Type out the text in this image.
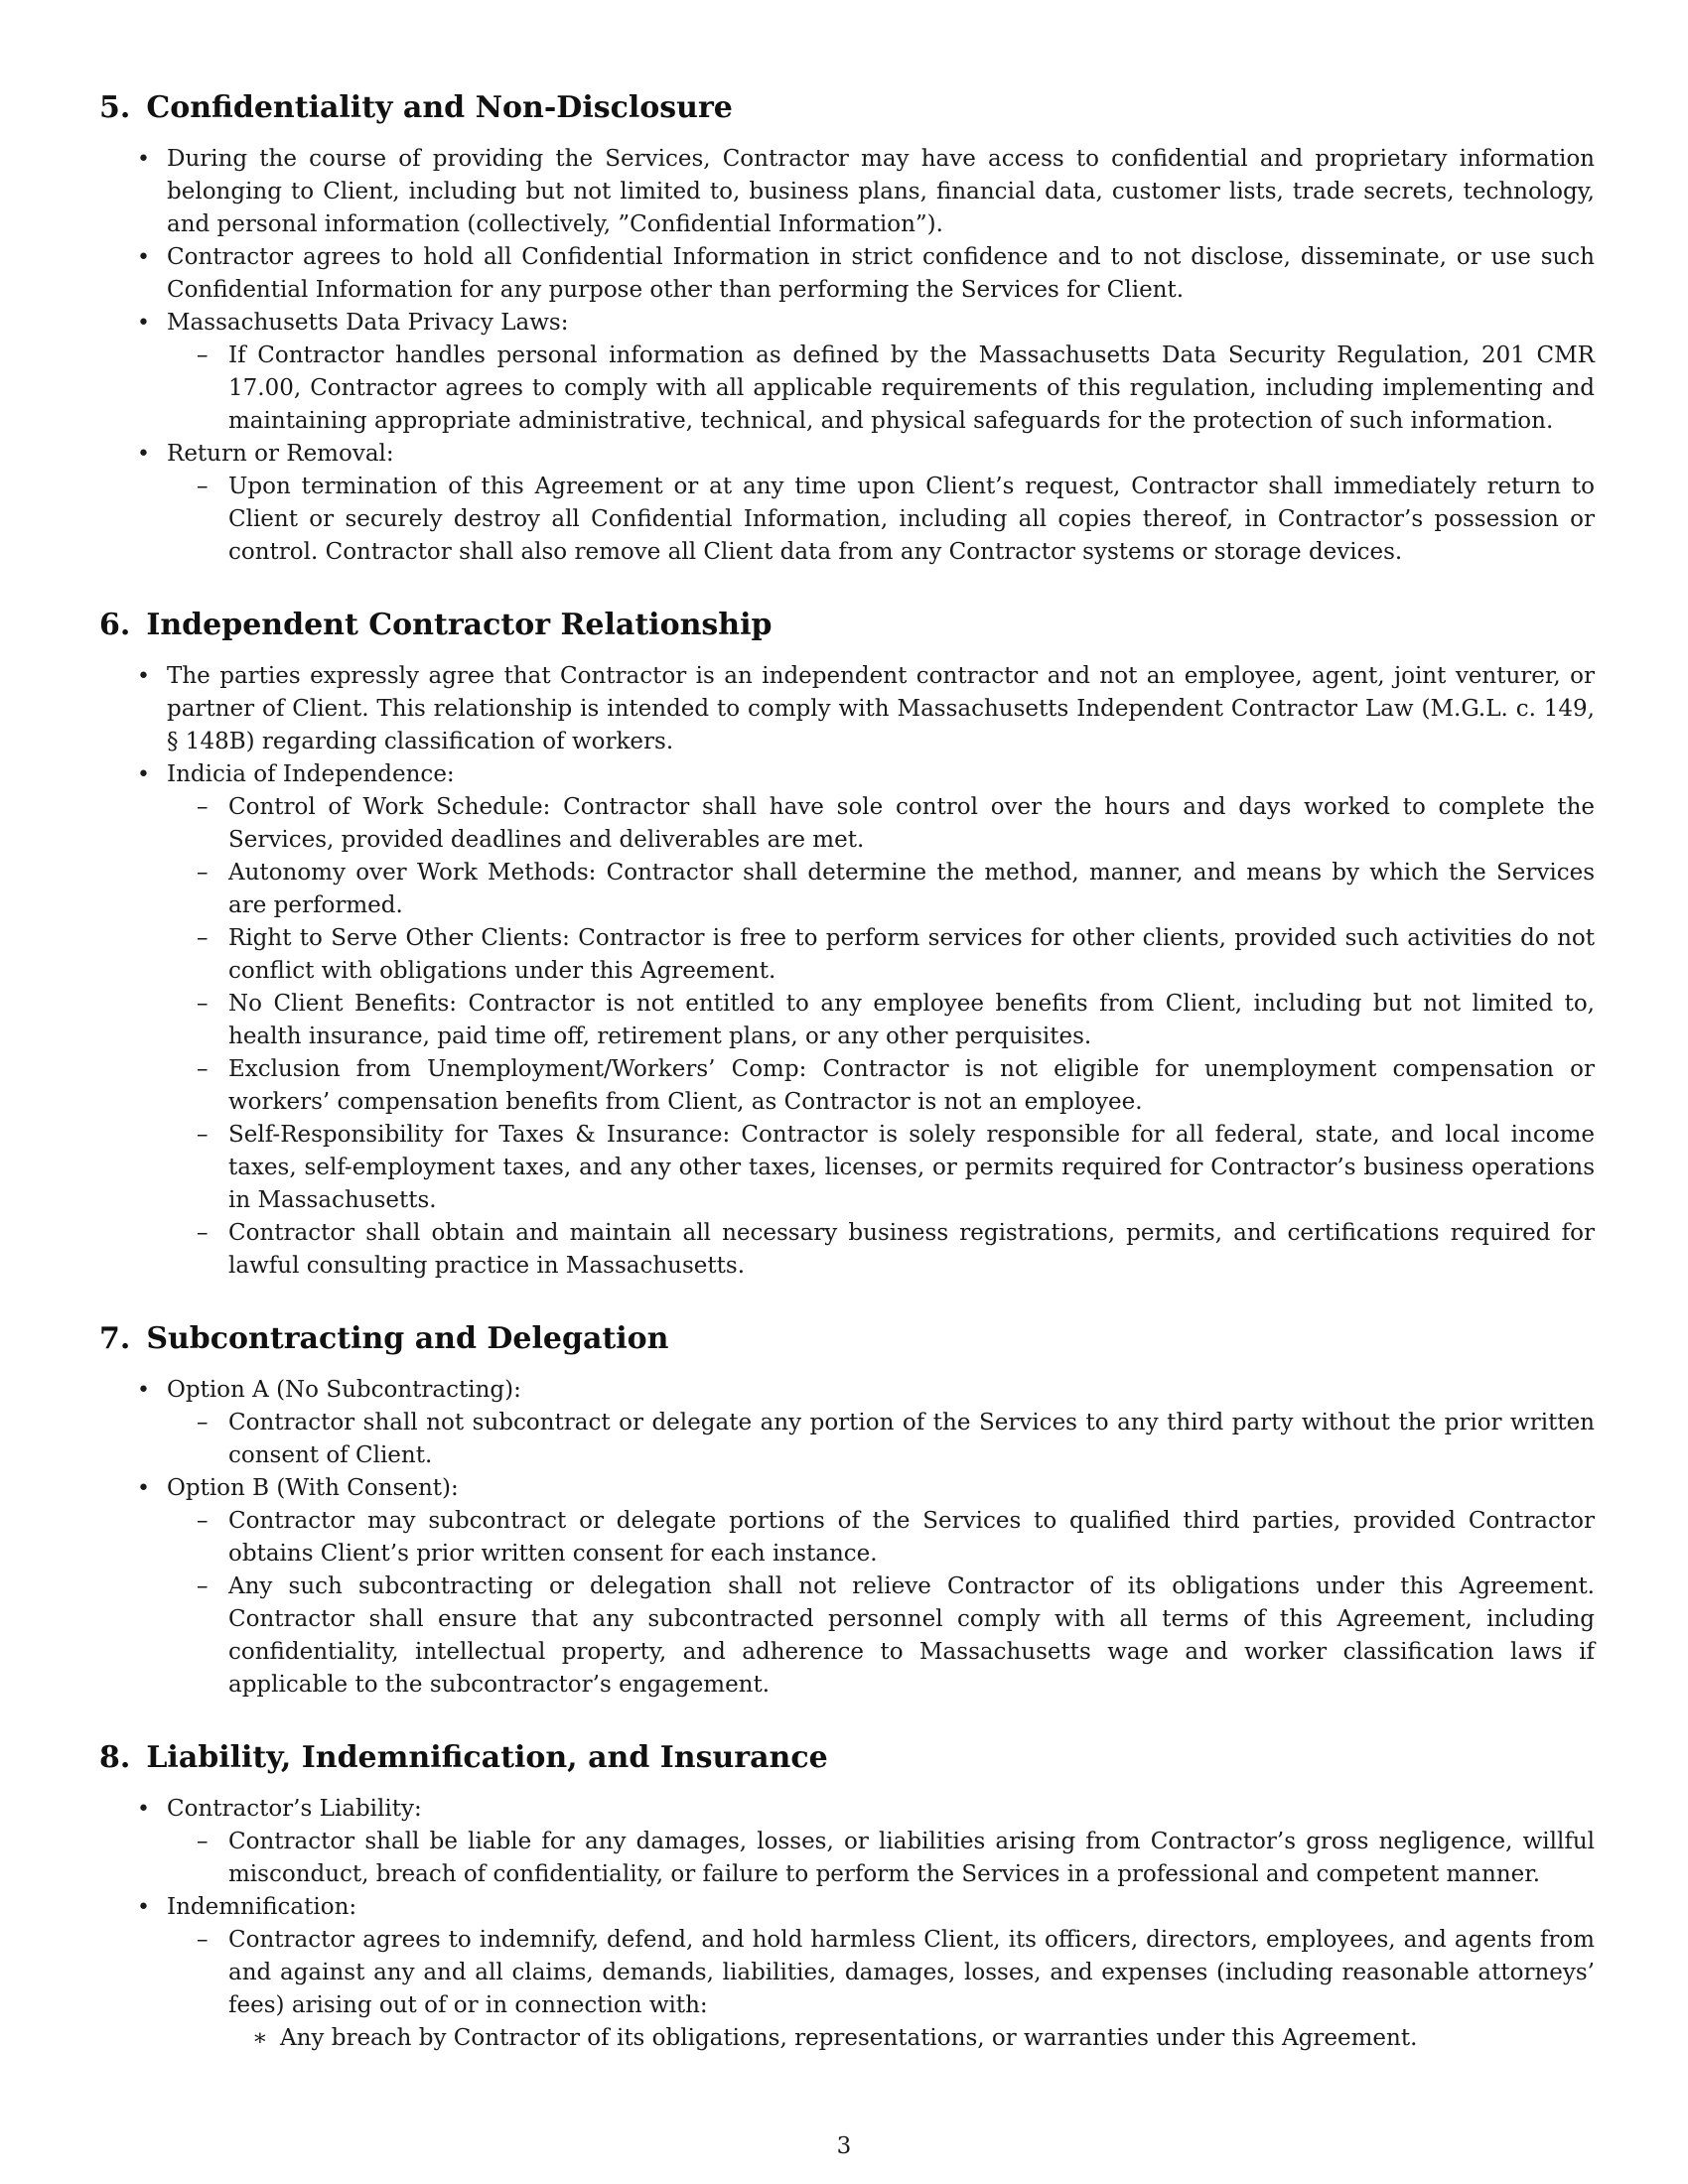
5. Confidentiality and Non-Disclosure
• During the course of providing the Services, Contractor may have access to confidential and proprietary information belonging to Client, including but not limited to, business plans, financial data, customer lists, trade secrets, technology, and personal information (collectively, ”Confidential Information”).
• Contractor agrees to hold all Confidential Information in strict confidence and to not disclose, disseminate, or use such Confidential Information for any purpose other than performing the Services for Client.
• Massachusetts Data Privacy Laws:
– If Contractor handles personal information as defined by the Massachusetts Data Security Regulation, 201 CMR 17.00, Contractor agrees to comply with all applicable requirements of this regulation, including implementing and maintaining appropriate administrative, technical, and physical safeguards for the protection of such information.
• Return or Removal:
– Upon termination of this Agreement or at any time upon Client’s request, Contractor shall immediately return to Client or securely destroy all Confidential Information, including all copies thereof, in Contractor’s possession or control. Contractor shall also remove all Client data from any Contractor systems or storage devices.
6. Independent Contractor Relationship
• The parties expressly agree that Contractor is an independent contractor and not an employee, agent, joint venturer, or partner of Client. This relationship is intended to comply with Massachusetts Independent Contractor Law (M.G.L. c. 149, § 148B) regarding classification of workers.
• Indicia of Independence:
– Control of Work Schedule: Contractor shall have sole control over the hours and days worked to complete the Services, provided deadlines and deliverables are met.
– Autonomy over Work Methods: Contractor shall determine the method, manner, and means by which the Services are performed.
– Right to Serve Other Clients: Contractor is free to perform services for other clients, provided such activities do not conflict with obligations under this Agreement.
– No Client Benefits: Contractor is not entitled to any employee benefits from Client, including but not limited to, health insurance, paid time off, retirement plans, or any other perquisites.
– Exclusion from Unemployment/Workers’ Comp: Contractor is not eligible for unemployment compensation or workers’ compensation benefits from Client, as Contractor is not an employee.
– Self-Responsibility for Taxes & Insurance: Contractor is solely responsible for all federal, state, and local income taxes, self-employment taxes, and any other taxes, licenses, or permits required for Contractor’s business operations in Massachusetts.
– Contractor shall obtain and maintain all necessary business registrations, permits, and certifications required for lawful consulting practice in Massachusetts.
7. Subcontracting and Delegation
• Option A (No Subcontracting):
– Contractor shall not subcontract or delegate any portion of the Services to any third party without the prior written consent of Client.
• Option B (With Consent):
– Contractor may subcontract or delegate portions of the Services to qualified third parties, provided Contractor obtains Client’s prior written consent for each instance.
– Any such subcontracting or delegation shall not relieve Contractor of its obligations under this Agreement. Contractor shall ensure that any subcontracted personnel comply with all terms of this Agreement, including confidentiality, intellectual property, and adherence to Massachusetts wage and worker classification laws if applicable to the subcontractor’s engagement.
8. Liability, Indemnification, and Insurance
• Contractor’s Liability:
– Contractor shall be liable for any damages, losses, or liabilities arising from Contractor’s gross negligence, willful misconduct, breach of confidentiality, or failure to perform the Services in a professional and competent manner.
• Indemnification:
– Contractor agrees to indemnify, defend, and hold harmless Client, its officers, directors, employees, and agents from and against any and all claims, demands, liabilities, damages, losses, and expenses (including reasonable attorneys’ fees) arising out of or in connection with:
∗ Any breach by Contractor of its obligations, representations, or warranties under this Agreement.
3
